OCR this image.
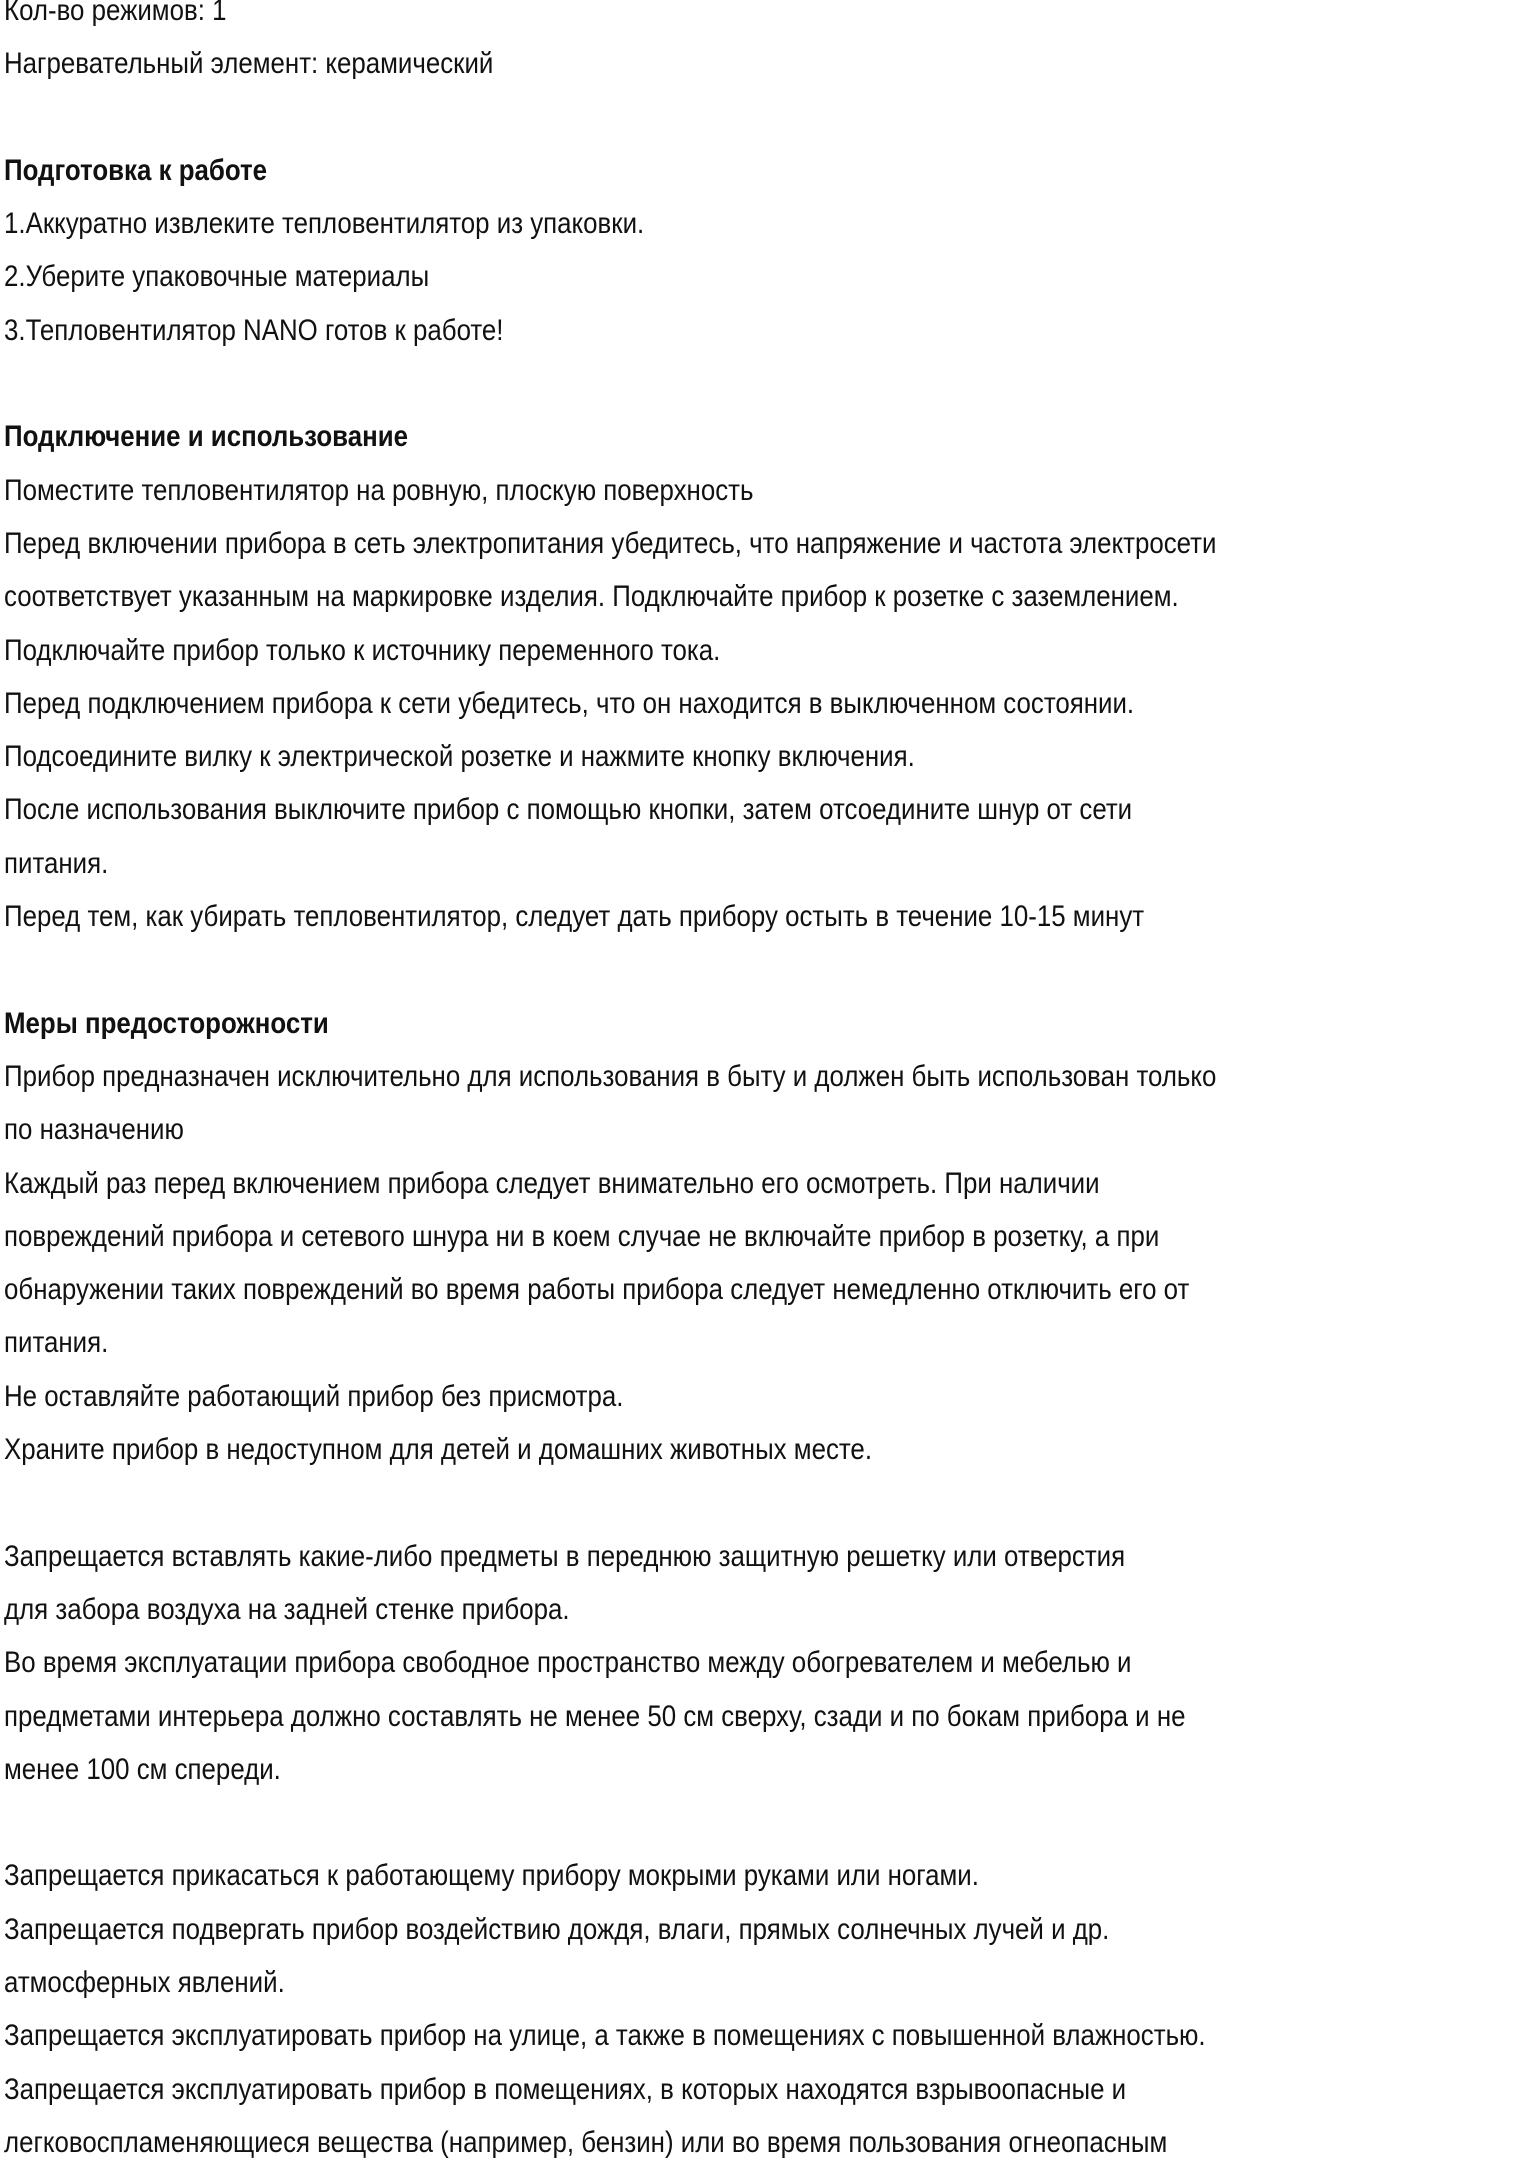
Кол-во режимов: 1
Нагревательный элемент: керамический
Подготовка к работе
1.Аккуратно извлеките тепловентилятор из упаковки.
2.Уберите упаковочные материалы
3.Тепловентилятор NANO готов к работе!
Подключение и использование
Поместите тепловентилятор на ровную, плоскую поверхность
Перед включении прибора в сеть электропитания убедитесь, что напряжение и частота электросети
соответствует указанным на маркировке изделия. Подключайте прибор к розетке с заземлением.
Подключайте прибор только к источнику переменного тока.
Перед подключением прибора к сети убедитесь, что он находится в выключенном состоянии.
Подсоедините вилку к электрической розетке и нажмите кнопку включения.
После использования выключите прибор с помощью кнопки, затем отсоедините шнур от сети
питания.
Перед тем, как убирать тепловентилятор, следует дать прибору остыть в течение 10-15 минут
Меры предосторожности
Прибор предназначен исключительно для использования в быту и должен быть использован только
по назначению
Каждый раз перед включением прибора следует внимательно его осмотреть. При наличии
повреждений прибора и сетевого шнура ни в коем случае не включайте прибор в розетку, а при
обнаружении таких повреждений во время работы прибора следует немедленно отключить его от
питания.
Не оставляйте работающий прибор без присмотра.
Храните прибор в недоступном для детей и домашних животных месте.
Запрещается вставлять какие-либо предметы в переднюю защитную решетку или отверстия
для забора воздуха на задней стенке прибора.
Во время эксплуатации прибора свободное пространство между обогревателем и мебелью и
предметами интерьера должно составлять не менее 50 см сверху, сзади и по бокам прибора и не
менее 100 см спереди.
Запрещается прикасаться к работающему прибору мокрыми руками или ногами.
Запрещается подвергать прибор воздействию дождя, влаги, прямых солнечных лучей и др.
атмосферных явлений.
Запрещается эксплуатировать прибор на улице, а также в помещениях с повышенной влажностью.
Запрещается эксплуатировать прибор в помещениях, в которых находятся взрывоопасные и
легковоспламеняющиеся вещества (например, бензин) или во время пользования огнеопасным
